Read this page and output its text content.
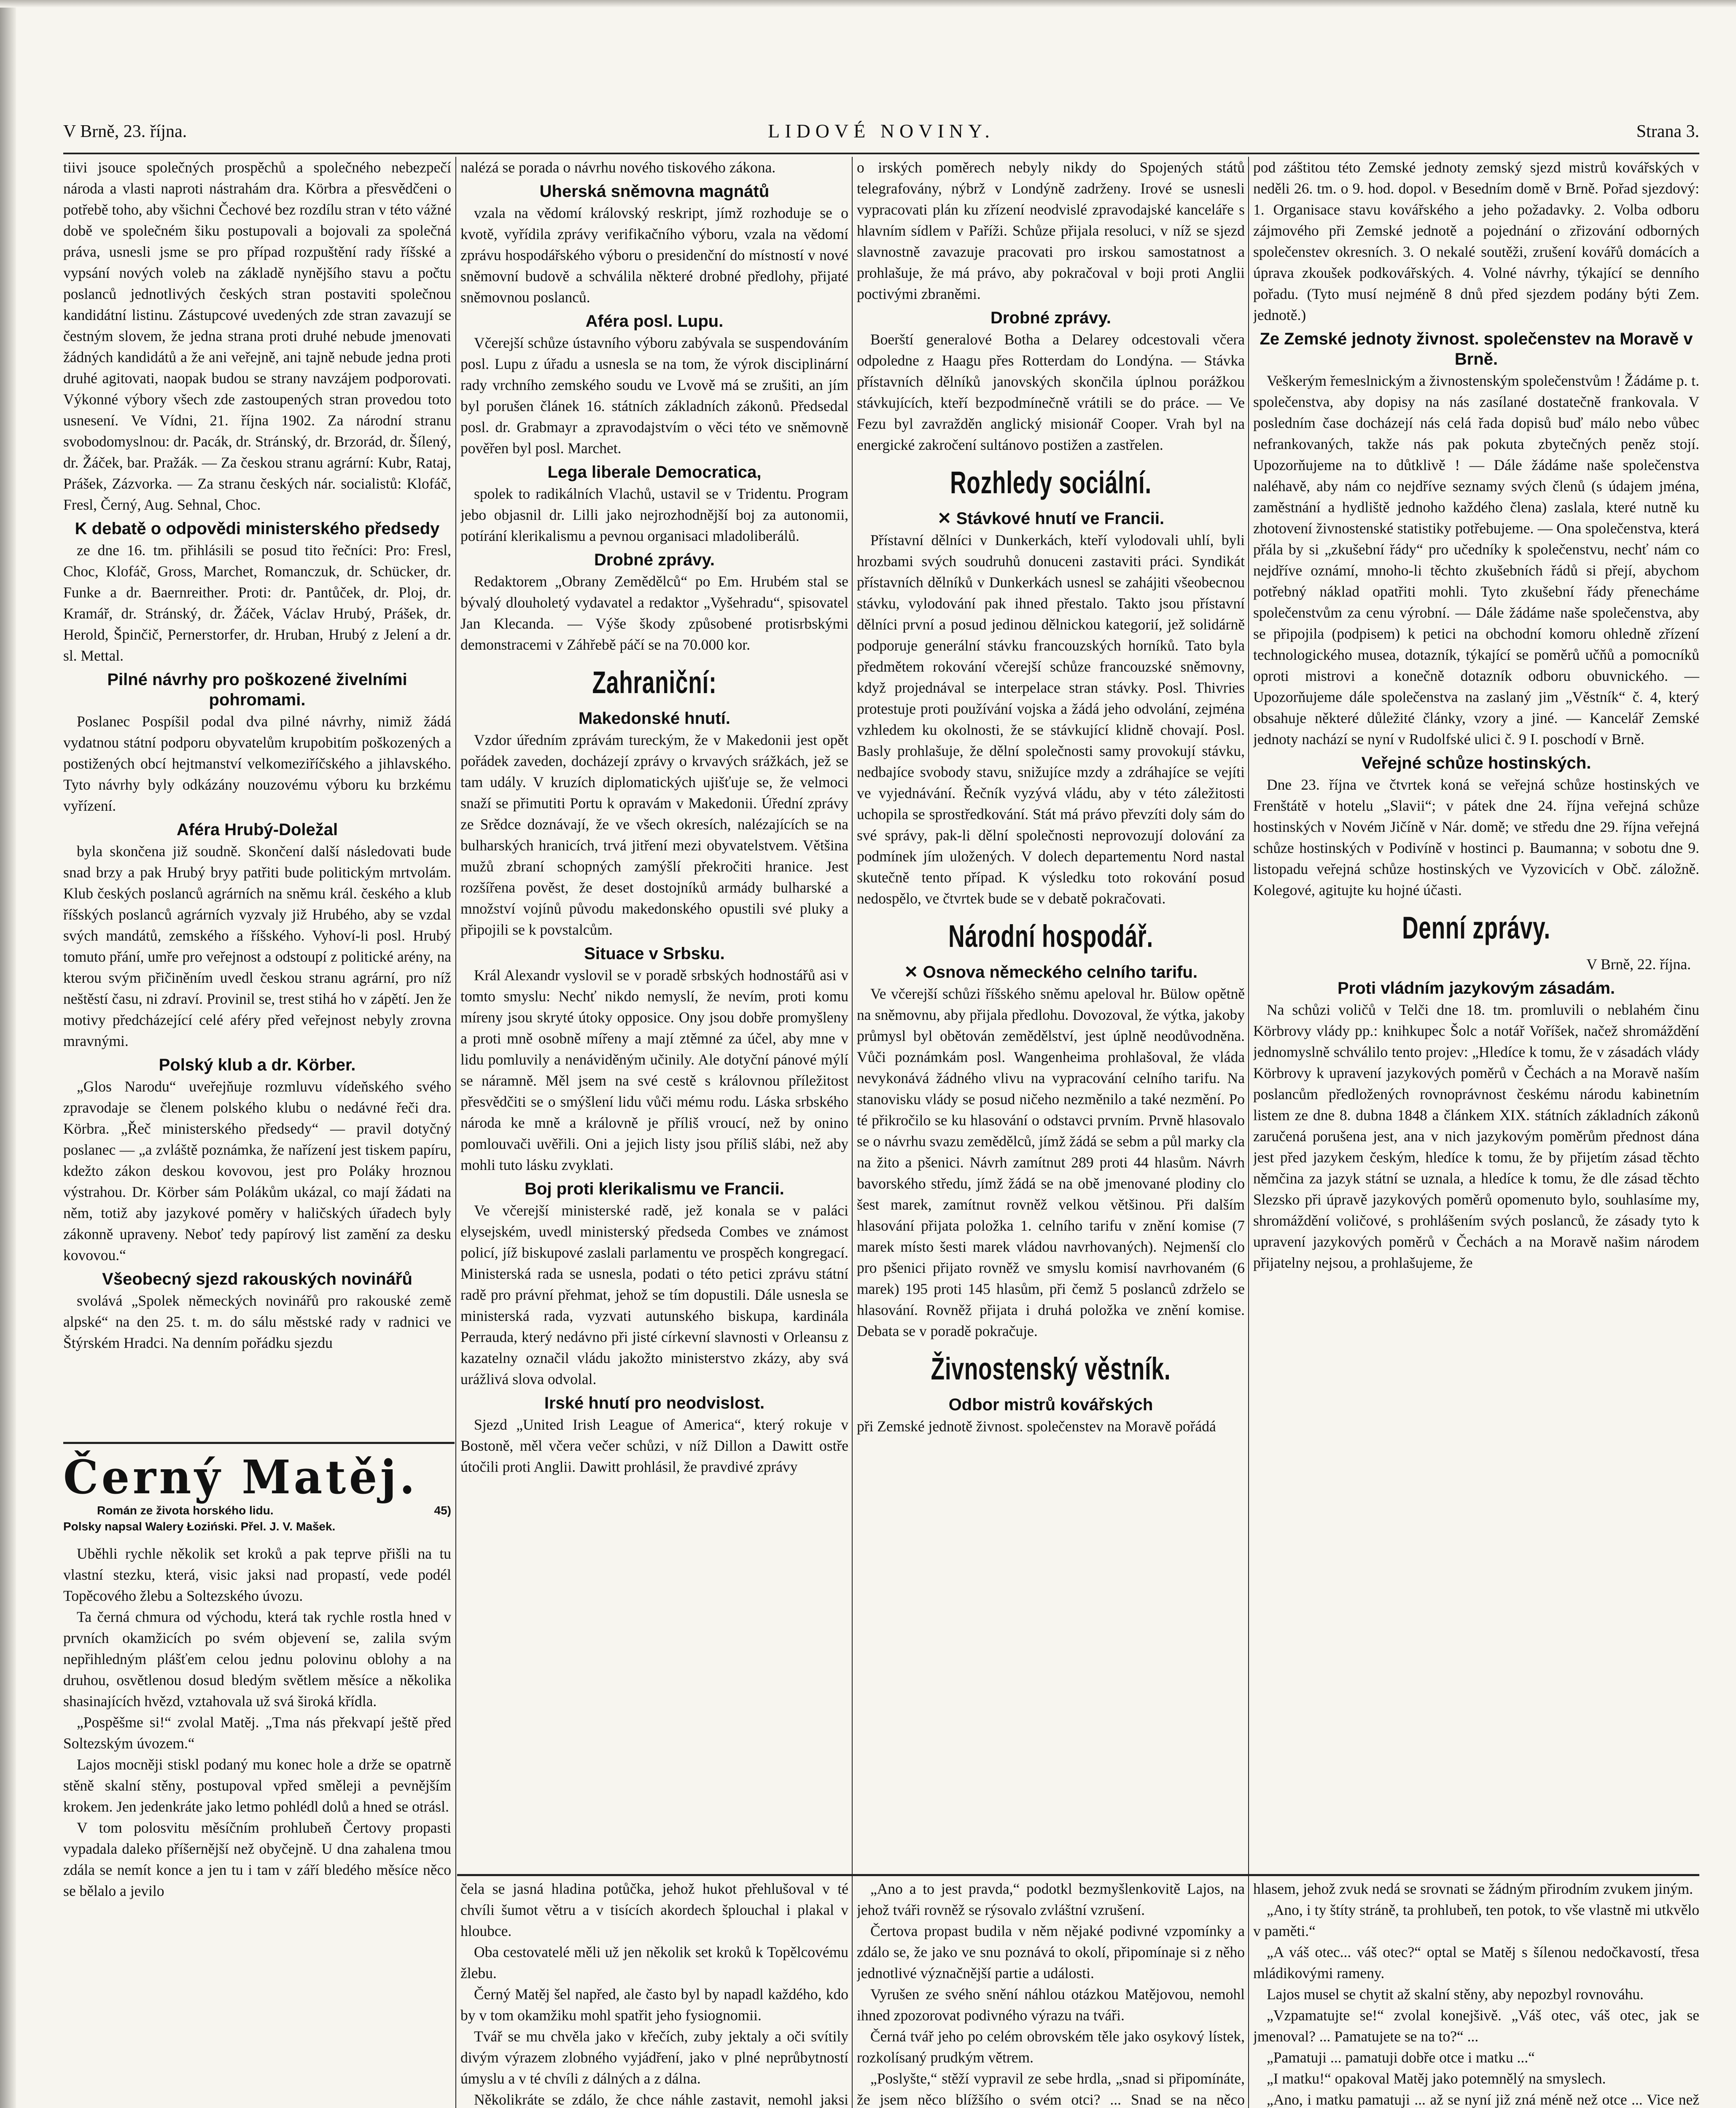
V Brně, 23. října.	LIDOVÉ NOVINY.	Strana 3.

tiivi jsouce společných prospěchů a společného nebezpečí národa a vlasti naproti nástrahám dra. Körbra a přesvědčeni o potřebě toho, aby všichni Čechové bez rozdílu stran v této vážné době ve společném šiku postupovali a bojovali za společná práva, usnesli jsme se pro případ rozpuštění rady říšské a vypsání nových voleb na základě nynějšího stavu a počtu poslanců jednotlivých českých stran postaviti společnou kandidátní listinu. Zástupcové uvedených zde stran zavazují se čestným slovem, že jedna strana proti druhé nebude jmenovati žádných kandidátů a že ani veřejně, ani tajně nebude jedna proti druhé agitovati, naopak budou se strany navzájem podporovati. Výkonné výbory všech zde zastoupených stran provedou toto usnesení. Ve Vídni, 21. října 1902. Za národní stranu svobodomyslnou: dr. Pacák, dr. Stránský, dr. Brzorád, dr. Šílený, dr. Žáček, bar. Pražák. — Za českou stranu agrární: Kubr, Rataj, Prášek, Zázvorka. — Za stranu českých nár. socialistů: Klofáč, Fresl, Černý, Aug. Sehnal, Choc.

K debatě o odpovědi ministerského předsedy

ze dne 16. tm. přihlásili se posud tito řečníci: Pro: Fresl, Choc, Klofáč, Gross, Marchet, Romanczuk, dr. Schücker, dr. Funke a dr. Baernreither. Proti: dr. Pantůček, dr. Ploj, dr. Kramář, dr. Stránský, dr. Žáček, Václav Hrubý, Prášek, dr. Herold, Špinčič, Pernerstorfer, dr. Hruban, Hrubý z Jelení a dr. sl. Mettal.

Pilné návrhy pro poškozené živelními pohromami.

Poslanec Pospíšil podal dva pilné návrhy, nimiž žádá vydatnou státní podporu obyvatelům krupobitím poškozených a postižených obcí hejtmanství velkomeziříčského a jihlavského. Tyto návrhy byly odkázány nouzovému výboru ku brzkému vyřízení.

Aféra Hrubý-Doležal

byla skončena již soudně. Skončení další následovati bude snad brzy a pak Hrubý bryy patřiti bude politickým mrtvolám. Klub českých poslanců agrárních na sněmu král. českého a klub říšských poslanců agrárních vyzvaly již Hrubého, aby se vzdal svých mandátů, zemského a říšského. Vyhoví-li posl. Hrubý tomuto přání, umře pro veřejnost a odstoupí z politické arény, na kterou svým přičiněním uvedl českou stranu agrární, pro níž neštěstí času, ni zdraví. Provinil se, trest stihá ho v zápětí. Jen že motivy předcházející celé aféry před veřejnost nebyly zrovna mravnými.

Polský klub a dr. Körber.

„Glos Narodu“ uveřejňuje rozmluvu vídeňského svého zpravodaje se členem polského klubu o nedávné řeči dra. Körbra. „Řeč ministerského předsedy“ — pravil dotyčný poslanec — „a zvláště poznámka, že nařízení jest tiskem papíru, kdežto zákon deskou kovovou, jest pro Poláky hroznou výstrahou. Dr. Körber sám Polákům ukázal, co mají žádati na něm, totiž aby jazykové poměry v haličských úřadech byly zákonně upraveny. Neboť tedy papírový list zamění za desku kovovou.“

Všeobecný sjezd rakouských novinářů

svolává „Spolek německých novinářů pro rakouské země alpské“ na den 25. t. m. do sálu městské rady v radnici ve Štýrském Hradci. Na denním pořádku sjezdu

Černý Matěj.
Román ze života horského lidu.	45)
Polsky napsal Walery Łoziński. Přel. J. V. Mašek.

Uběhli rychle několik set kroků a pak teprve přišli na tu vlastní stezku, která, visic jaksi nad propastí, vede podél Topěcového žlebu a Soltezského úvozu.

Ta černá chmura od východu, která tak rychle rostla hned v prvních okamžicích po svém objevení se, zalila svým nepřihledným plášťem celou jednu polovinu oblohy a na druhou, osvětlenou dosud bledým světlem měsíce a několika shasinajících hvězd, vztahovala už svá široká křídla.

„Pospěšme si!“ zvolal Matěj. „Tma nás překvapí ještě před Soltezským úvozem.“

Lajos mocněji stiskl podaný mu konec hole a drže se opatrně stěně skalní stěny, postupoval vpřed směleji a pevnějším krokem. Jen jedenkráte jako letmo pohlédl dolů a hned se otrásl.

V tom polosvitu měsíčním prohlubeň Čertovy propasti vypadala daleko příšernější než obyčejně. U dna zahalena tmou zdála se nemít konce a jen tu i tam v září bledého měsíce něco se bělalo a jevilo

nalézá se porada o návrhu nového tiskového zákona.

Uherská sněmovna magnátů

vzala na vědomí královský reskript, jímž rozhoduje se o kvotě, vyřídila zprávy verifikačního výboru, vzala na vědomí zprávu hospodářského výboru o presidenční do místností v nové sněmovní budově a schválila některé drobné předlohy, přijaté sněmovnou poslanců.

Aféra posl. Lupu.

Včerejší schůze ústavního výboru zabývala se suspendováním posl. Lupu z úřadu a usnesla se na tom, že výrok disciplinární rady vrchního zemského soudu ve Lvově má se zrušiti, an jím byl porušen článek 16. státních základních zákonů. Předsedal posl. dr. Grabmayr a zpravodajstvím o věci této ve sněmovně pověřen byl posl. Marchet.

Lega liberale Democratica,

spolek to radikálních Vlachů, ustavil se v Tridentu. Program jebo objasnil dr. Lilli jako nejrozhodnější boj za autonomii, potírání klerikalismu a pevnou organisaci mladoliberálů.

Drobné zprávy.

Redaktorem „Obrany Zemědělců“ po Em. Hrubém stal se bývalý dlouholetý vydavatel a redaktor „Vyšehradu“, spisovatel Jan Klecanda. — Výše škody způsobené protisrbskými demonstracemi v Záhřebě páčí se na 70.000 kor.

Zahraniční:
Makedonské hnutí.

Vzdor úředním zprávám tureckým, že v Makedonii jest opět pořádek zaveden, docházejí zprávy o krvavých srážkách, jež se tam udály. V kruzích diplomatických ujišťuje se, že velmoci snaží se přimutiti Portu k opravám v Makedonii. Úřední zprávy ze Srědce doznávají, že ve všech okresích, nalézajících se na bulharských hranicích, trvá jitření mezi obyvatelstvem. Většina mužů zbraní schopných zamýšlí překročiti hranice. Jest rozšířena pověst, že deset dostojníků armády bulharské a množství vojínů původu makedonského opustili své pluky a připojili se k povstalcům.

Situace v Srbsku.

Král Alexandr vyslovil se v poradě srbských hodnostářů asi v tomto smyslu: Nechť nikdo nemyslí, že nevím, proti komu míreny jsou skryté útoky opposice. Ony jsou dobře promyšleny a proti mně osobně mířeny a mají ztěmné za účel, aby mne v lidu pomluvily a nenáviděným učinily. Ale dotyční pánové mýlí se náramně. Měl jsem na své cestě s královnou příležitost přesvědčiti se o smýšlení lidu vůči mému rodu. Láska srbského národa ke mně a královně je příliš vroucí, než by onino pomlouvači uvěřili. Oni a jejich listy jsou příliš slábi, než aby mohli tuto lásku zvyklati.

Boj proti klerikalismu ve Francii.

Ve včerejší ministerské radě, jež konala se v paláci elysejském, uvedl ministerský předseda Combes ve známost policí, jíž biskupové zaslali parlamentu ve prospěch kongregací. Ministerská rada se usnesla, podati o této petici zprávu státní radě pro právní přehmat, jehož se tím dopustili. Dále usnesla se ministerská rada, vyzvati autunského biskupa, kardinála Perrauda, který nedávno při jisté církevní slavnosti v Orleansu z kazatelny označil vládu jakožto ministerstvo zkázy, aby svá urážlivá slova odvolal.

Irské hnutí pro neodvislost.

Sjezd „United Irish League of America“, který rokuje v Bostoně, měl včera večer schůzi, v níž Dillon a Dawitt ostře útočili proti Anglii. Dawitt prohlásil, že pravdivé zprávy

čela se jasná hladina potůčka, jehož hukot přehlušoval v té chvíli šumot větru a v tisících akordech šplouchal i plakal v hloubce.

Oba cestovatelé měli už jen několik set kroků k Topělcovému žlebu.

Černý Matěj šel napřed, ale často byl by napadl každého, kdo by v tom okamžiku mohl spatřit jeho fysiognomii.

Tvář se mu chvěla jako v křečích, zuby jektaly a oči svítily divým výrazem zlobného vyjádření, jako v plné neprůbytností úmyslu a v té chvíli z dálných a z dálna.

Několikráte se zdálo, že chce náhle zastavit, nemohl jaksi

o irských poměrech nebyly nikdy do Spojených států telegrafovány, nýbrž v Londýně zadrženy. Irové se usnesli vypracovati plán ku zřízení neodvislé zpravodajské kanceláře s hlavním sídlem v Paříži. Schůze přijala resoluci, v níž se sjezd slavnostně zavazuje pracovati pro irskou samostatnost a prohlašuje, že má právo, aby pokračoval v boji proti Anglii poctivými zbraněmi.

Drobné zprávy.

Boerští generalové Botha a Delarey odcestovali včera odpoledne z Haagu přes Rotterdam do Londýna. — Stávka přístavních dělníků janovských skončila úplnou porážkou stávkujících, kteří bezpodmínečně vrátili se do práce. — Ve Fezu byl zavražděn anglický misionář Cooper. Vrah byl na energické zakročení sultánovo postižen a zastřelen.

Rozhledy sociální.
✕ Stávkové hnutí ve Francii.

Přístavní dělníci v Dunkerkách, kteří vylodovali uhlí, byli hrozbami svých soudruhů donuceni zastaviti práci. Syndikát přístavních dělníků v Dunkerkách usnesl se zahájiti všeobecnou stávku, vylodování pak ihned přestalo. Takto jsou přístavní dělníci první a posud jedinou dělnickou kategorií, jež solidárně podporuje generální stávku francouzských horníků. Tato byla předmětem rokování včerejší schůze francouzské sněmovny, když projednával se interpelace stran stávky. Posl. Thivries protestuje proti používání vojska a žádá jeho odvolání, zejména vzhledem ku okolnosti, že se stávkující klidně chovají. Posl. Basly prohlašuje, že dělní společnosti samy provokují stávku, nedbajíce svobody stavu, snižujíce mzdy a zdráhajíce se vejíti ve vyjednávání. Řečník vyzývá vládu, aby v této záležitosti uchopila se sprostředkování. Stát má právo převzíti doly sám do své správy, pak-li dělní společnosti neprovozují dolování za podmínek jím uložených. V dolech departementu Nord nastal skutečně tento případ. K výsledku toto rokování posud nedospělo, ve čtvrtek bude se v debatě pokračovati.

Národní hospodář.
✕ Osnova německého celního tarifu.

Ve včerejší schůzi říšského sněmu apeloval hr. Bülow opětně na sněmovnu, aby přijala předlohu. Dovozoval, že výtka, jakoby průmysl byl obětován zemědělství, jest úplně neodůvodněna. Vůči poznámkám posl. Wangenheima prohlašoval, že vláda nevykonává žádného vlivu na vypracování celního tarifu. Na stanovisku vlády se posud ničeho nezměnilo a také nezmění. Po té přikročilo se ku hlasování o odstavci prvním. Prvně hlasovalo se o návrhu svazu zemědělců, jímž žádá se sebm a půl marky cla na žito a pšenici. Návrh zamítnut 289 proti 44 hlasům. Návrh bavorského středu, jímž žádá se na obě jmenované plodiny clo šest marek, zamítnut rovněž velkou většinou. Při dalším hlasování přijata položka 1. celního tarifu v znění komise (7 marek místo šesti marek vládou navrhovaných). Nejmenší clo pro pšenici přijato rovněž ve smyslu komisí navrhovaném (6 marek) 195 proti 145 hlasům, při čemž 5 poslanců zdrželo se hlasování. Rovněž přijata i druhá položka ve znění komise. Debata se v poradě pokračuje.

Živnostenský věstník.
Odbor mistrů kovářských

při Zemské jednotě živnost. společenstev na Moravě pořádá

„Ano a to jest pravda,“ podotkl bezmyšlenkovitě Lajos, na jehož tváři rovněž se rýsovalo zvláštní vzrušení.

Čertova propast budila v něm nějaké podivné vzpomínky a zdálo se, že jako ve snu poznává to okolí, připomínaje si z něho jednotlivé význačnější partie a události.

Vyrušen ze svého snění náhlou otázkou Matějovou, nemohl ihned zpozorovat podivného výrazu na tváři.

Černá tvář jeho po celém obrovském těle jako osykový lístek, rozkolísaný prudkým větrem.

„Poslyšte,“ stěží vypravil ze sebe hrdla, „snad si připomínáte, že jsem něco blížšího o svém otci? ... Snad se na něco

pod záštitou této Zemské jednoty zemský sjezd mistrů kovářských v neděli 26. tm. o 9. hod. dopol. v Besedním domě v Brně. Pořad sjezdový: 1. Organisace stavu kovářského a jeho požadavky. 2. Volba odboru zájmového při Zemské jednotě a pojednání o zřizování odborných společenstev okresních. 3. O nekalé soutěži, zrušení kovářů domácích a úprava zkoušek podkovářských. 4. Volné návrhy, týkající se denního pořadu. (Tyto musí nejméně 8 dnů před sjezdem podány býti Zem. jednotě.)

Ze Zemské jednoty živnost. společenstev na Moravě v Brně.

Veškerým řemeslnickým a živnostenským společenstvům ! Žádáme p. t. společenstva, aby dopisy na nás zasílané dostatečně frankovala. V posledním čase docházejí nás celá řada dopisů buď málo nebo vůbec nefrankovaných, takže nás pak pokuta zbytečných peněz stojí. Upozorňujeme na to důtklivě ! — Dále žádáme naše společenstva naléhavě, aby nám co nejdříve seznamy svých členů (s údajem jména, zaměstnání a hydliště jednoho každého člena) zaslala, které nutně ku zhotovení živnostenské statistiky potřebujeme. — Ona společenstva, která přála by si „zkušební řády“ pro učedníky k společenstvu, nechť nám co nejdříve oznámí, mnoho-li těchto zkušebních řádů si přejí, abychom potřebný náklad opatřiti mohli. Tyto zkušební řády přenecháme společenstvům za cenu výrobní. — Dále žádáme naše společenstva, aby se připojila (podpisem) k petici na obchodní komoru ohledně zřízení technologického musea, dotazník, týkající se poměrů učňů a pomocníků oproti mistrovi a konečně dotazník odboru obuvnického. — Upozorňujeme dále společenstva na zaslaný jim „Věstník“ č. 4, který obsahuje některé důležité články, vzory a jiné. — Kancelář Zemské jednoty nachází se nyní v Rudolfské ulici č. 9 I. poschodí v Brně.

Veřejné schůze hostinských.

Dne 23. října ve čtvrtek koná se veřejná schůze hostinských ve Frenštátě v hotelu „Slavii“; v pátek dne 24. října veřejná schůze hostinských v Novém Jičíně v Nár. domě; ve středu dne 29. října veřejná schůze hostinských v Podivíně v hostinci p. Baumanna; v sobotu dne 9. listopadu veřejná schůze hostinských ve Vyzovicích v Obč. záložně. Kolegové, agitujte ku hojné účasti.

Denní zprávy.
V Brně, 22. října.
Proti vládním jazykovým zásadám.

Na schůzi voličů v Telči dne 18. tm. promluvili o neblahém činu Körbrovy vlády pp.: knihkupec Šolc a notář Voříšek, načež shromáždění jednomyslně schválilo tento projev: „Hledíce k tomu, že v zásadách vlády Körbrovy k upravení jazykových poměrů v Čechách a na Moravě naším poslancům předložených rovnoprávnost českému národu kabinetním listem ze dne 8. dubna 1848 a článkem XIX. státních základních zákonů zaručená porušena jest, ana v nich jazykovým poměrům přednost dána jest před jazykem českým, hledíce k tomu, že by přijetím zásad těchto němčina za jazyk státní se uznala, a hledíce k tomu, že dle zásad těchto Slezsko při úpravě jazykových poměrů opomenuto bylo, souhlasíme my, shromáždění voličové, s prohlášením svých poslanců, že zásady tyto k upravení jazykových poměrů v Čechách a na Moravě našim národem přijatelny nejsou, a prohlašujeme, že

hlasem, jehož zvuk nedá se srovnati se žádným přirodním zvukem jiným.

„Ano, i ty štíty stráně, ta prohlubeň, ten potok, to vše vlastně mi utkvělo v paměti.“

„A váš otec... váš otec?“ optal se Matěj s šílenou nedočkavostí, třesa mládikovými rameny.

Lajos musel se chytit až skalní stěny, aby nepozbyl rovnováhu.

„Vzpamatujte se!“ zvolal konejšivě. „Váš otec, váš otec, jak se jmenoval? ... Pamatujete se na to?“ ...

„Pamatuji ... pamatuji dobře otce i matku ...“

„I matku!“ opakoval Matěj jako potemnělý na smyslech.

„Ano, i matku pamatuji ... až se nyní již zná méně než otce ... Vice než
